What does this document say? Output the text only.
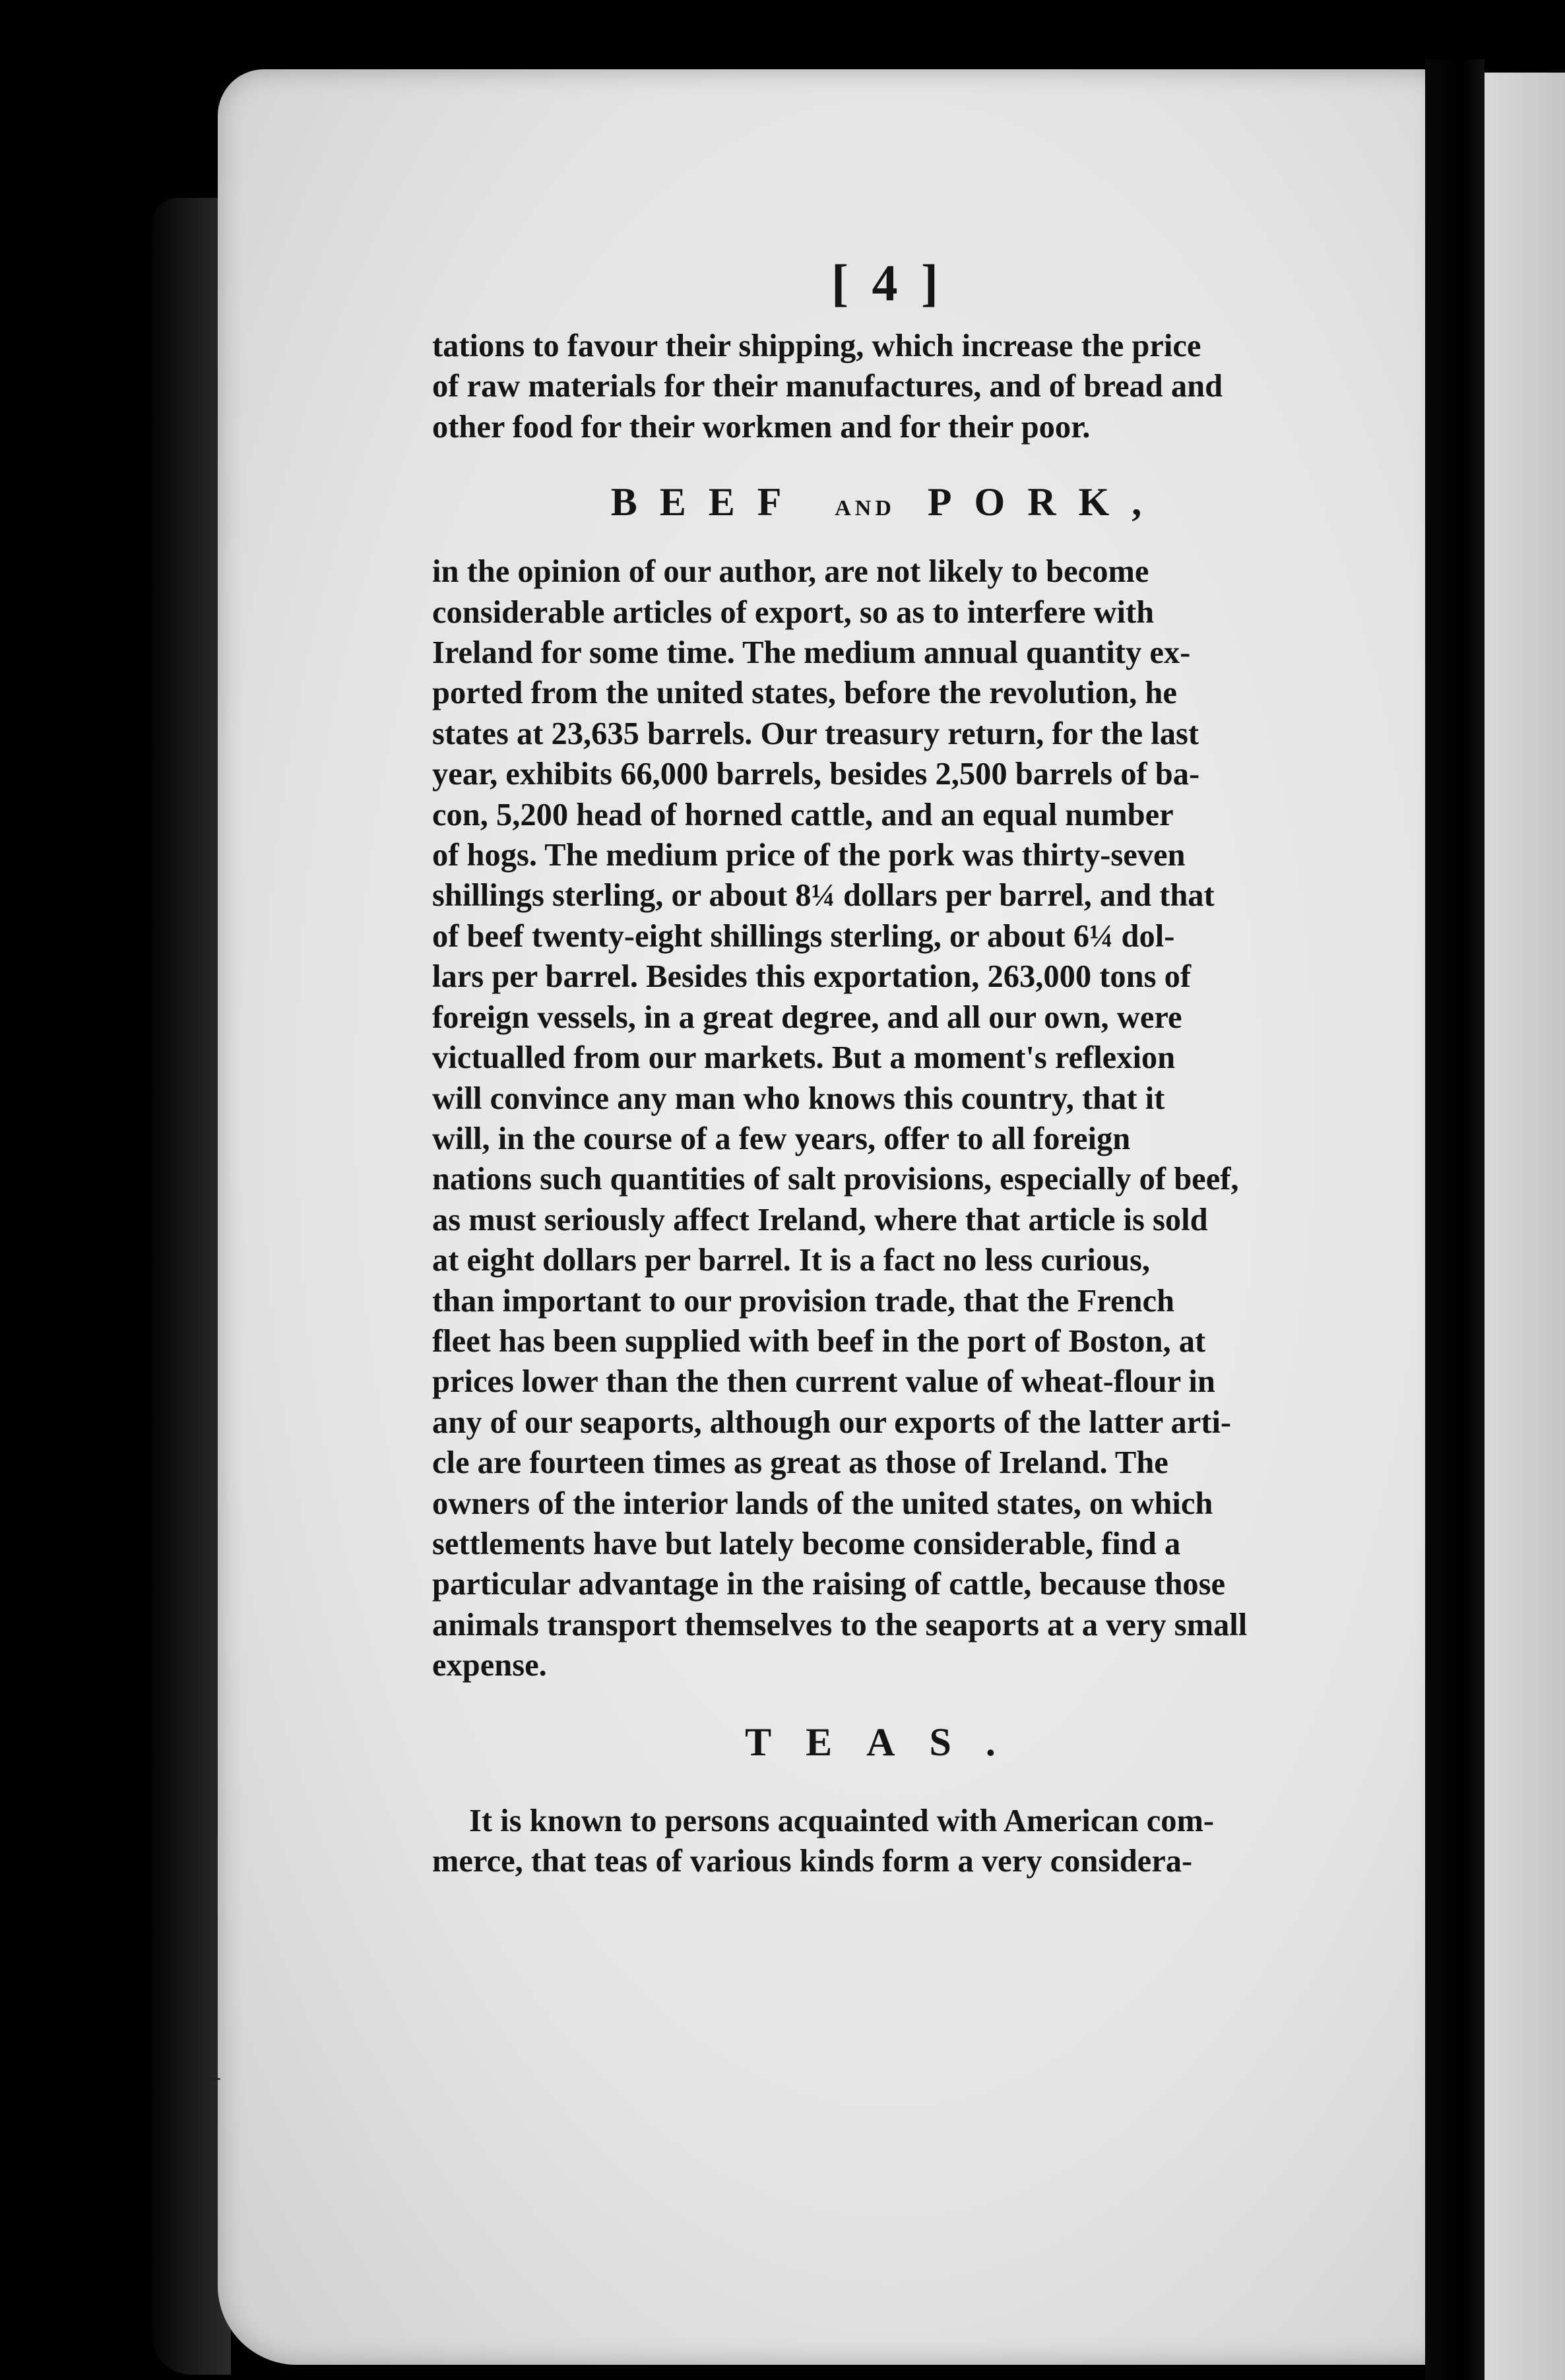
[ 4 ]

tations to favour their shipping, which increase the price
of raw materials for their manufactures, and of bread and
other food for their workmen and for their poor.

BEEF AND PORK,

in the opinion of our author, are not likely to become
considerable articles of export, so as to interfere with
Ireland for some time. The medium annual quantity ex-
ported from the united states, before the revolution, he
states at 23,635 barrels. Our treasury return, for the last
year, exhibits 66,000 barrels, besides 2,500 barrels of ba-
con, 5,200 head of horned cattle, and an equal number
of hogs. The medium price of the pork was thirty-seven
shillings sterling, or about 8¼ dollars per barrel, and that
of beef twenty-eight shillings sterling, or about 6¼ dol-
lars per barrel. Besides this exportation, 263,000 tons of
foreign vessels, in a great degree, and all our own, were
victualled from our markets. But a moment's reflexion
will convince any man who knows this country, that it
will, in the course of a few years, offer to all foreign
nations such quantities of salt provisions, especially of beef,
as must seriously affect Ireland, where that article is sold
at eight dollars per barrel. It is a fact no less curious,
than important to our provision trade, that the French
fleet has been supplied with beef in the port of Boston, at
prices lower than the then current value of wheat-flour in
any of our seaports, although our exports of the latter arti-
cle are fourteen times as great as those of Ireland. The
owners of the interior lands of the united states, on which
settlements have but lately become considerable, find a
particular advantage in the raising of cattle, because those
animals transport themselves to the seaports at a very small
expense.

TEAS.

It is known to persons acquainted with American com-
merce, that teas of various kinds form a very considera-

⌐
